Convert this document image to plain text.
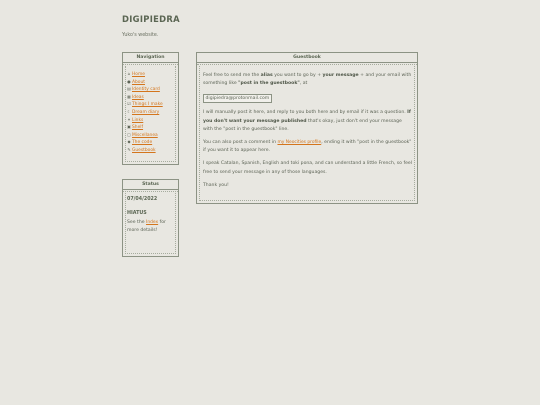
DIGIPIEDRA
Yuko's website.
Navigation
⌂ Home
●About
▤Identity card
▦Ideas
☑Things I make
☾Dream diary
⚭Links
▣Shelf
▢Miscellanea
◆The code
✎Guestbook
Status
07/04/2022
HIATUS
See the Index for more details!
Guestbook

Feel free to send me the alias you want to go by + your message + and your email with something like "post in the guestbook", at

digipiedra@protonmail.com

I will manually post it here, and reply to you both here and by email if it was a question. If you don't want your message published that's okay, just don't end your message with the "post in the guestbook" line.

You can also post a comment in my Neocities profile, ending it with "post in the guestbook" if you want it to appear here.

I speak Catalan, Spanish, English and toki pona, and can understand a little French, so feel free to send your message in any of those languages.

Thank you!
